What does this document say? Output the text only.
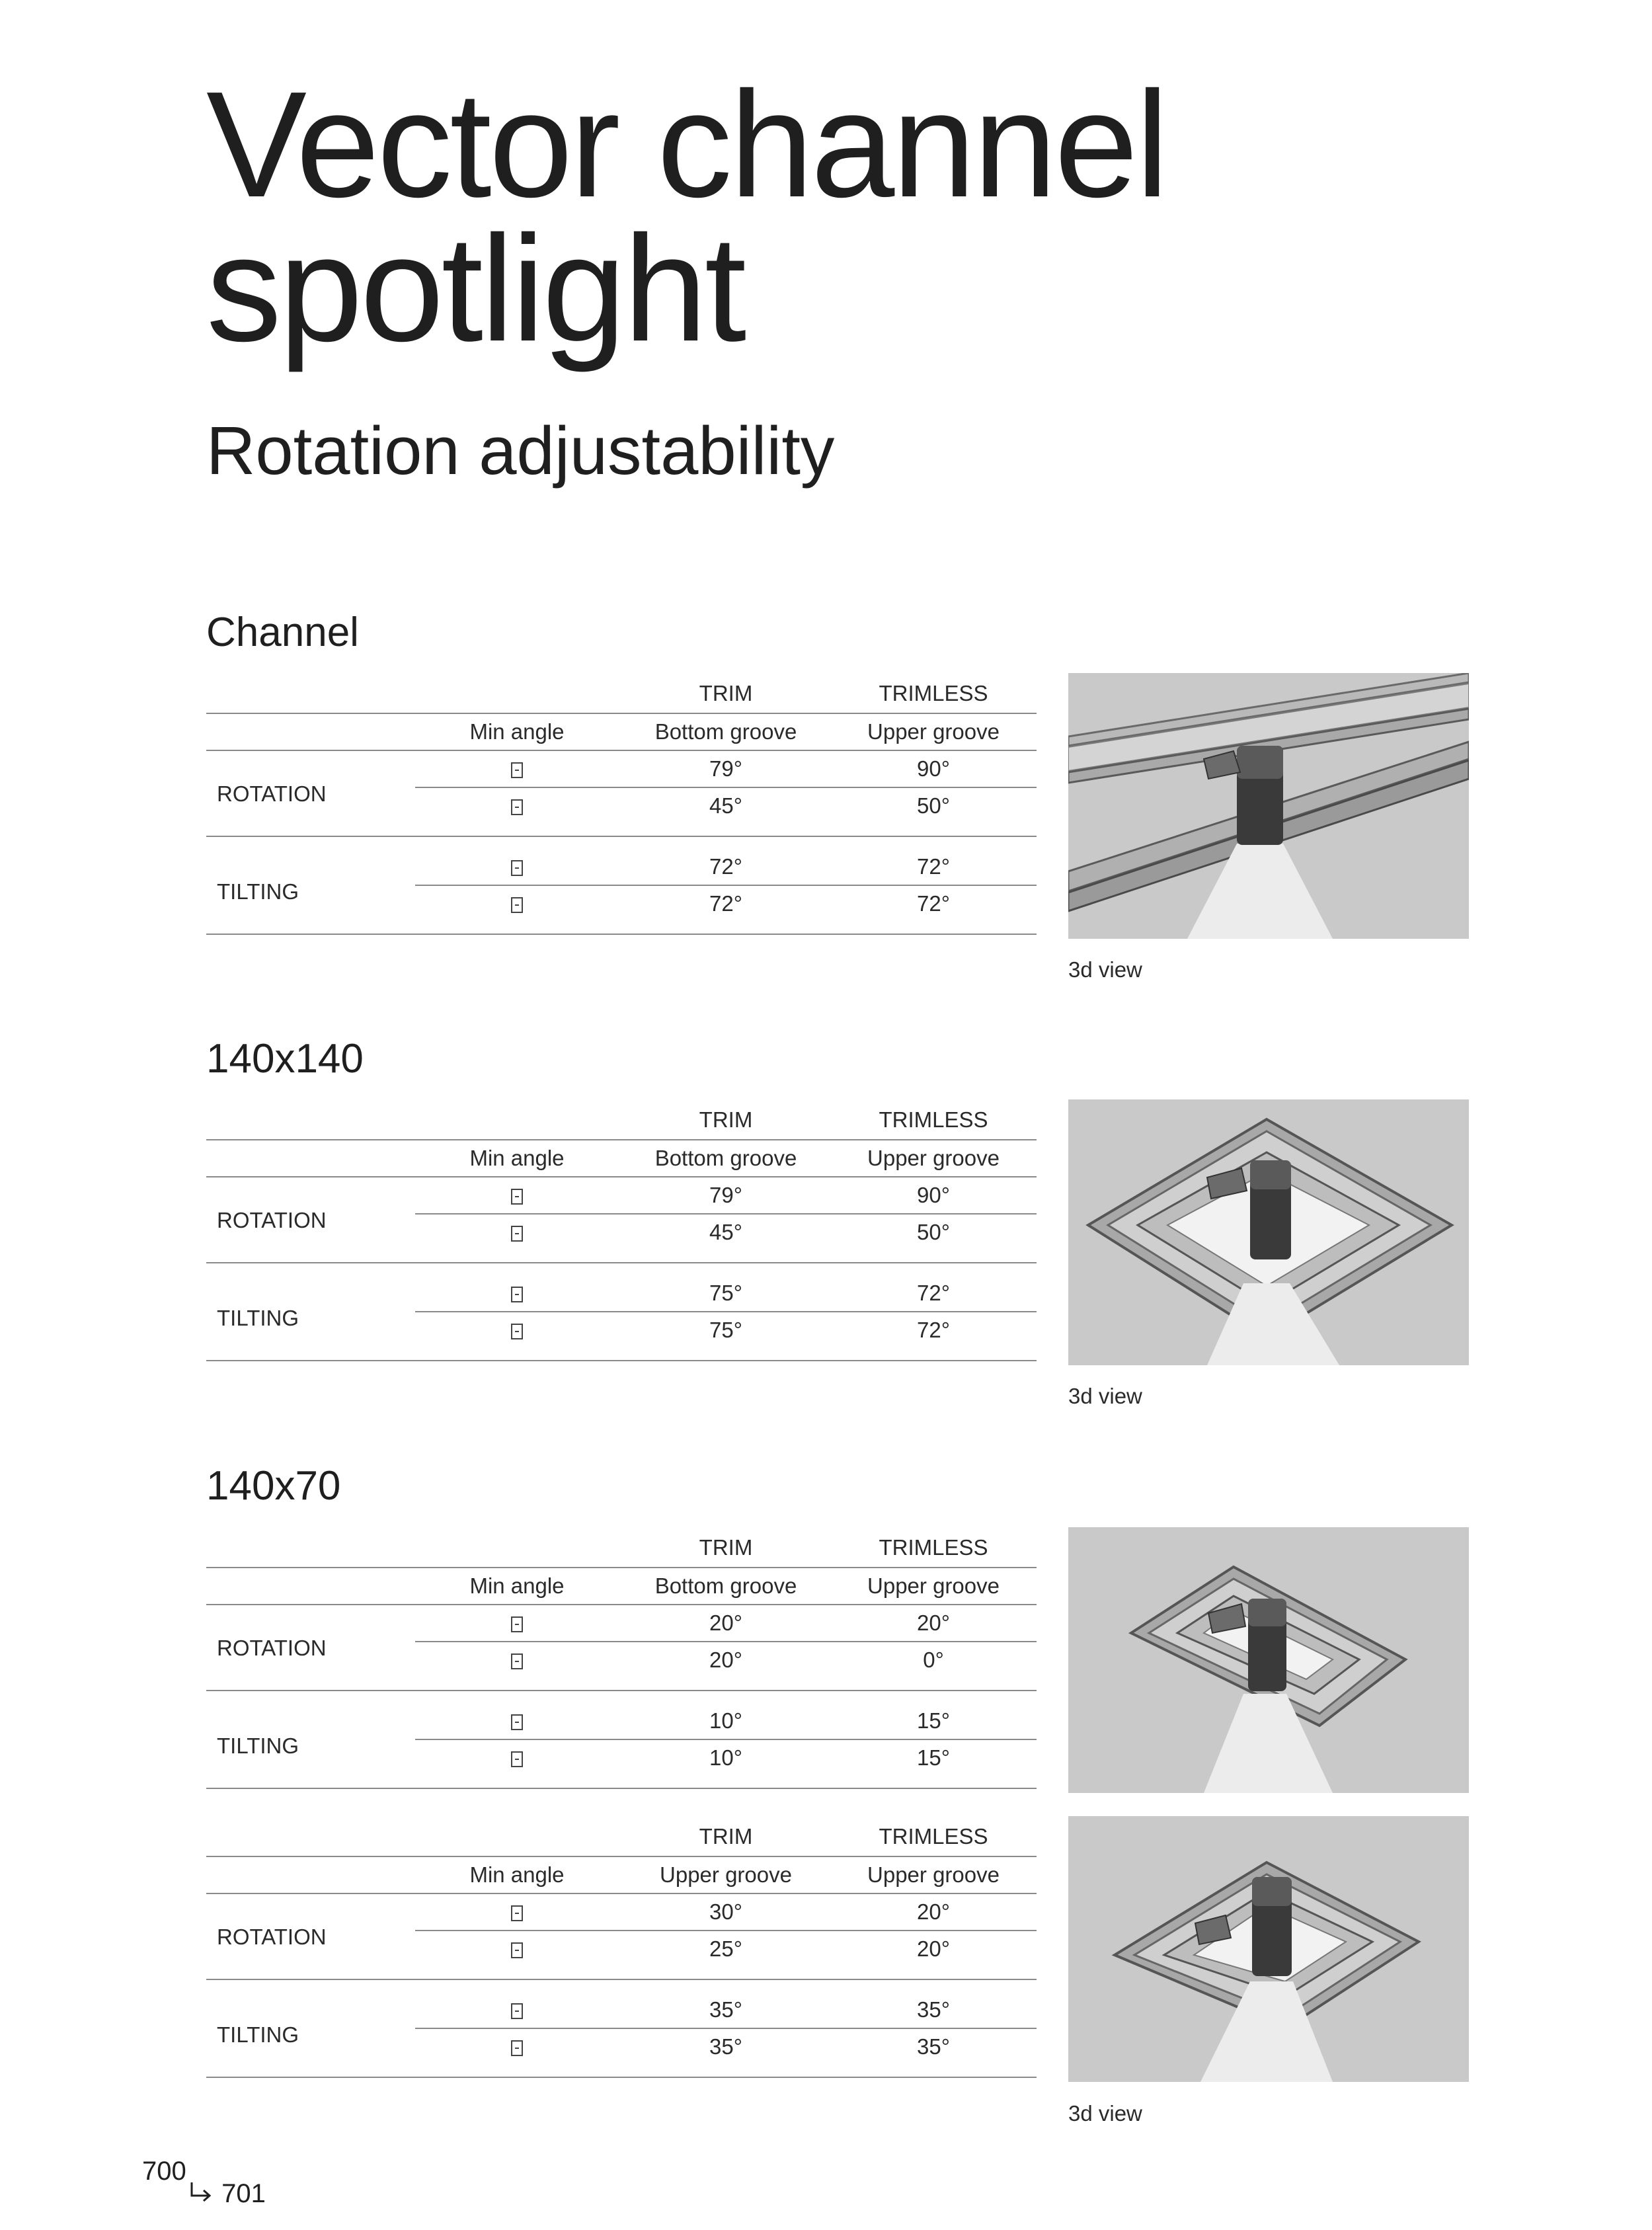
Vector channel
spotlight
Rotation adjustability
Channel
TRIM	TRIMLESS
Min angle	Bottom groove	Upper groove
ROTATION
79°	90°
45°	50°
TILTING
72°	72°
72°	72°
3d view
140x140
TRIM	TRIMLESS
Min angle	Bottom groove	Upper groove
ROTATION
79°	90°
45°	50°
TILTING
75°	72°
75°	72°
3d view
140x70
TRIM	TRIMLESS
Min angle	Bottom groove	Upper groove
ROTATION
20°	20°
20°	0°
TILTING
10°	15°
10°	15°
TRIM	TRIMLESS
Min angle	Upper groove	Upper groove
ROTATION
30°	20°
25°	20°
TILTING
35°	35°
35°	35°
3d view
700
701
